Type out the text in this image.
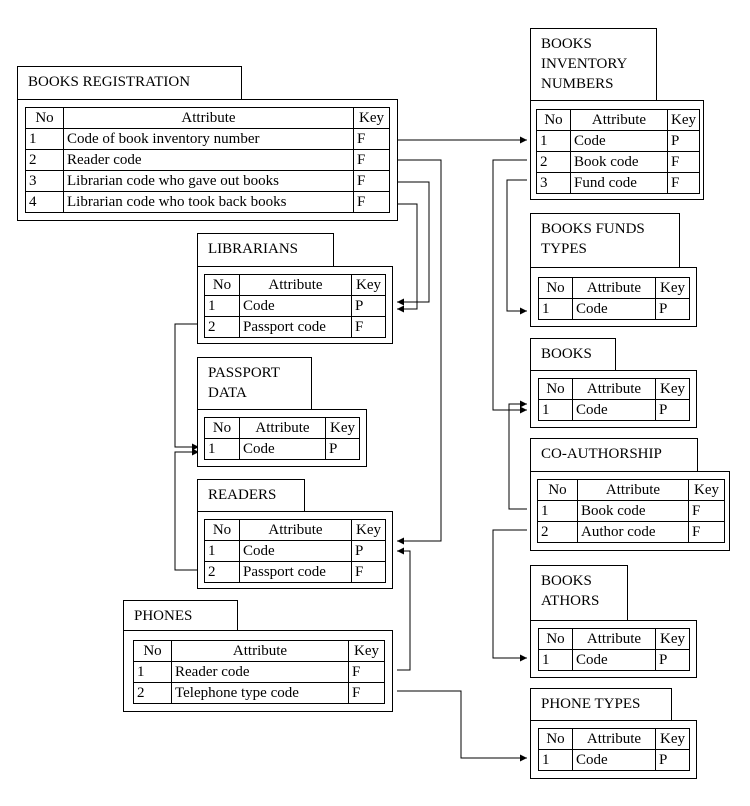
BOOKS REGISTRATION
No	Attribute	Key
1	Code of book inventory number	F
2	Reader code	F
3	Librarian code who gave out books	F
4	Librarian code who took back books	F
LIBRARIANS
No	Attribute	Key
1	Code	P
2	Passport code	F
PASSPORT
DATA
No	Attribute	Key
1	Code	P
READERS
No	Attribute	Key
1	Code	P
2	Passport code	F
PHONES
No	Attribute	Key
1	Reader code	F
2	Telephone type code	F
BOOKS
INVENTORY
NUMBERS
No	Attribute	Key
1	Code	P
2	Book code	F
3	Fund code	F
BOOKS FUNDS
TYPES
No	Attribute	Key
1	Code	P
BOOKS
No	Attribute	Key
1	Code	P
CO-AUTHORSHIP
No	Attribute	Key
1	Book code	F
2	Author code	F
BOOKS
ATHORS
No	Attribute	Key
1	Code	P
PHONE TYPES
No	Attribute	Key
1	Code	P
